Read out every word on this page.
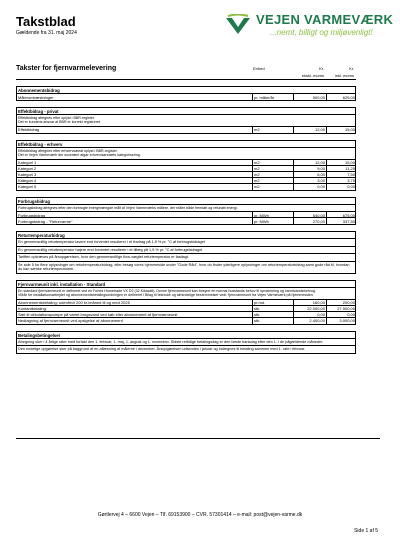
Takstblad
Gældende fra 31. maj 2024
VEJEN VARMEVÆRK
...nemt, billigt og miljøvenligt!
Takster for fjernvarmelevering	Enhed	Kr.	Kr.
ekskl. moms	inkl. moms
Abonnementsbidrag
Målerombæstninger	pr. måler/år	500,00	625,00
Effektbidrag - privat
Effektbidrag afregnes efter oplyst i BBR-register.
Det er kundens ansvar at BBR er korrekt registreret.
Effektbidrag	m2	12,00	15,00
Effektbidrag - erhverv
Effektbidrag afregnes efter erhvervsareal oplyst i BBR-register.
Det er Vejen Varmeværk der suverænt afgør erhvervsarealets kategorisering.
Kategori 1	m2	12,00	15,00
Kategori 2	m2	9,00	11,25
Kategori 3	m2	6,00	7,50
Kategori 4	m2	3,00	3,75
Kategori 5	m2	0,00	0,00
Forbrugsbidrag
Forbrugsbidrag afregnes efter den forbrugte energimængde målt af Vejen Varmeværks målere, der måler både fremløb og returløb energi.
Forbrugsbidrag	pr. MWh	540,00	675,00
Forbrugsbidrag - "Returvarme"	pr. MWh	270,00	337,50
Returtemperaturbidrag
En gennemsnitlig returtemperatur lavere end forventet resulterer i et fradrag på 1,5 % pr. °C af forbrugsbidraget
En gennemsnitlig returtemperatur højere end forventet resulterer i et tillæg på 1,5 % pr. °C af forbrugsbidraget
Tariffen opkræves på årsopgørelsen, hvor den gennemsnitlige flow-vægtet returtemperatur er fastlagt.
Se side 5 for flere oplysninger om returtemperaturbidrag, eller besøg vores hjemmeside under "Gode Råd", hvor du finder yderligere oplysninger om returtemperaturbidrag samt gode råd til, hvordan du kan sænke returtemperaturen.
Fjernvarmeunit inkl. installation - Standard
En standard fjernvarmeunit er defineret ved en Fortes Hometrade VX D2 (32 Kilowatt). Denne fjernvarmeunit kan forsyne en normal husstands behov til opvarmning og varmtvandsforbrug.
Vilkår for installationsarbejdet og abonnementsbetalingsordningen er defineret i Bilag til tekniske og almindelige bestemmelser vedr. fjernvarmeunit fra Vejen Varmeværk på hjemmesiden.
Abonnementsbetaling: udenfrivil 200 kr./måned til og med 2025	pr.md.	160,00	200,00
Kontantbetaling:	stk.	22.000,00	27.500,00
Sæt til cirkulationspumpe på varmt brugsvand ved køb eller abonnement af fjernvarmeunit	stk.	0,00	0,00
Nedtagning af fjernvarmeunit ved opsigelse af abonnement	stk.	2.400,00	3.000,00
Betalingsbetingelser
Afregning sker i 4 årlige rater med forfald den 1. februar, 1. maj, 1. august og 1. november. Sidste rettidige betalingsdag er den første bankdag efter den 1. i de pågældende måneder.
Den endelige opgørelse sker på baggrund af en aflæsning af målerne i december. Årsopgørelsen udsendes i januar og indregnes til betaling sammen med 1. rate i februar.
Gørtlervej 4 – 6600 Vejen – Tlf. 69153900 – CVR. 57301414 – e-mail: post@vejen-varme.dk
Side 1 af 5
